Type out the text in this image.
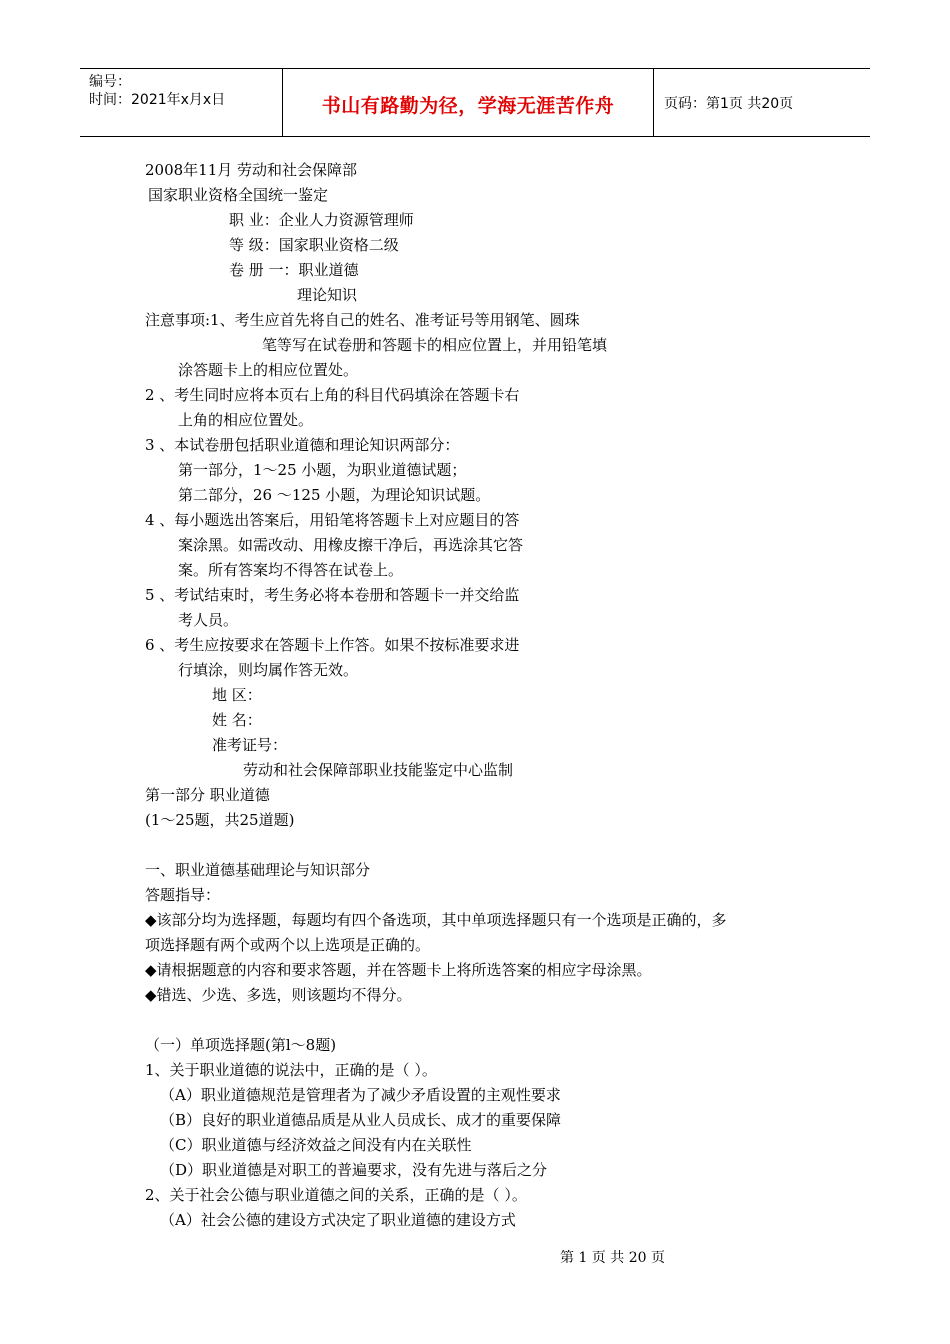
编号：
时间：2021年x月x日	书山有路勤为径，学海无涯苦作舟	页码：第1页 共20页
2008年11月 劳动和社会保障部
国家职业资格全国统一鉴定
职 业：企业人力资源管理师
等 级：国家职业资格二级
卷 册 一：职业道德
理论知识
注意事项:1、考生应首先将自己的姓名、准考证号等用钢笔、圆珠
笔等写在试卷册和答题卡的相应位置上，并用铅笔填
涂答题卡上的相应位置处。
2 、考生同时应将本页右上角的科目代码填涂在答题卡右
上角的相应位置处。
3 、本试卷册包括职业道德和理论知识两部分：
第一部分，1～25 小题，为职业道德试题；
第二部分，26 ～125 小题，为理论知识试题。
4 、每小题选出答案后，用铅笔将答题卡上对应题目的答
案涂黑。如需改动、用橡皮擦干净后，再选涂其它答
案。所有答案均不得答在试卷上。
5 、考试结束时，考生务必将本卷册和答题卡一并交给监
考人员。
6 、考生应按要求在答题卡上作答。如果不按标准要求进
行填涂，则均属作答无效。
地 区：
姓 名：
准考证号：
劳动和社会保障部职业技能鉴定中心监制
第一部分 职业道德
(1～25题，共25道题)
一、职业道德基础理论与知识部分
答题指导：
◆该部分均为选择题，每题均有四个备选项，其中单项选择题只有一个选项是正确的，多
项选择题有两个或两个以上选项是正确的。
◆请根据题意的内容和要求答题，并在答题卡上将所选答案的相应字母涂黑。
◆错选、少选、多选，则该题均不得分。
（一）单项选择题(第l～8题)
1、关于职业道德的说法中，正确的是（ ）。
（A）职业道德规范是管理者为了减少矛盾设置的主观性要求
（B）良好的职业道德品质是从业人员成长、成才的重要保障
（C）职业道德与经济效益之间没有内在关联性
（D）职业道德是对职工的普遍要求，没有先进与落后之分
2、关于社会公德与职业道德之间的关系，正确的是（ ）。
（A）社会公德的建设方式决定了职业道德的建设方式
第 1 页 共 20 页
